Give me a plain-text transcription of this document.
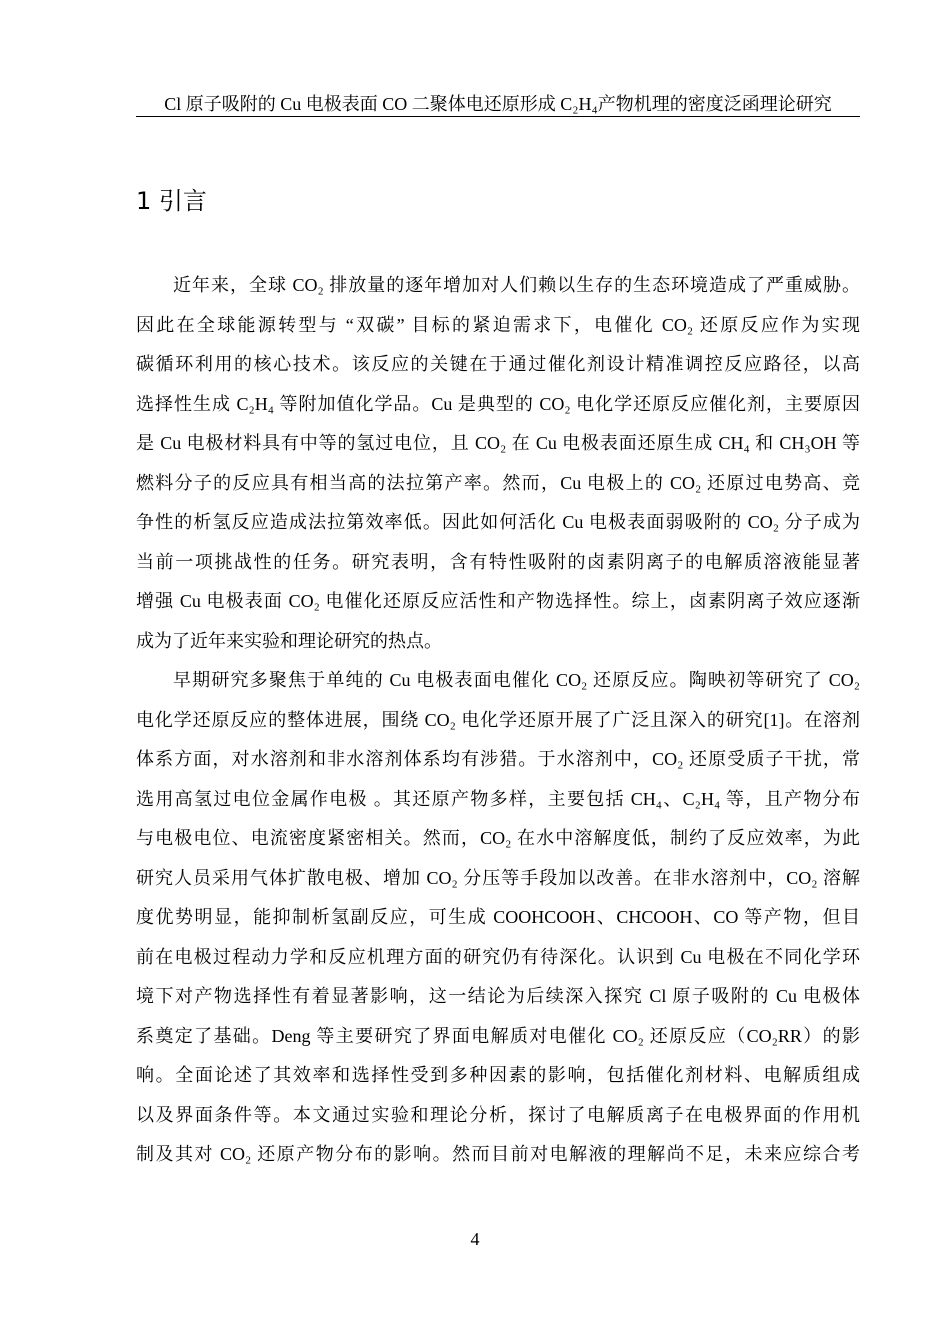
Cl 原子吸附的 Cu 电极表面 CO 二聚体电还原形成 C₂H₄产物机理的密度泛函理论研究
1 引言
近年来，全球 CO₂ 排放量的逐年增加对人们赖以生存的生态环境造成了严重威胁。
因此在全球能源转型与 “双碳” 目标的紧迫需求下，电催化 CO₂ 还原反应作为实现
碳循环利用的核心技术。该反应的关键在于通过催化剂设计精准调控反应路径，以高
选择性生成 C₂H₄ 等附加值化学品。Cu 是典型的 CO₂ 电化学还原反应催化剂，主要原因
是 Cu 电极材料具有中等的氢过电位，且 CO₂ 在 Cu 电极表面还原生成 CH₄ 和 CH₃OH 等
燃料分子的反应具有相当高的法拉第产率。然而，Cu 电极上的 CO₂ 还原过电势高、竞
争性的析氢反应造成法拉第效率低。因此如何活化 Cu 电极表面弱吸附的 CO₂ 分子成为
当前一项挑战性的任务。研究表明，含有特性吸附的卤素阴离子的电解质溶液能显著
增强 Cu 电极表面 CO₂ 电催化还原反应活性和产物选择性。综上，卤素阴离子效应逐渐
成为了近年来实验和理论研究的热点。
早期研究多聚焦于单纯的 Cu 电极表面电催化 CO₂ 还原反应。陶映初等研究了 CO₂
电化学还原反应的整体进展，围绕 CO₂ 电化学还原开展了广泛且深入的研究[1]。在溶剂
体系方面，对水溶剂和非水溶剂体系均有涉猎。于水溶剂中，CO₂ 还原受质子干扰，常
选用高氢过电位金属作电极 。其还原产物多样，主要包括 CH₄、C₂H₄ 等，且产物分布
与电极电位、电流密度紧密相关。然而，CO₂ 在水中溶解度低，制约了反应效率，为此
研究人员采用气体扩散电极、增加 CO₂ 分压等手段加以改善。在非水溶剂中，CO₂ 溶解
度优势明显，能抑制析氢副反应，可生成 COOHCOOH、CHCOOH、CO 等产物，但目
前在电极过程动力学和反应机理方面的研究仍有待深化。认识到 Cu 电极在不同化学环
境下对产物选择性有着显著影响，这一结论为后续深入探究 Cl 原子吸附的 Cu 电极体
系奠定了基础。Deng 等主要研究了界面电解质对电催化 CO₂ 还原反应（CO₂RR）的影
响。全面论述了其效率和选择性受到多种因素的影响，包括催化剂材料、电解质组成
以及界面条件等。本文通过实验和理论分析，探讨了电解质离子在电极界面的作用机
制及其对 CO₂ 还原产物分布的影响。然而目前对电解液的理解尚不足，未来应综合考
4
